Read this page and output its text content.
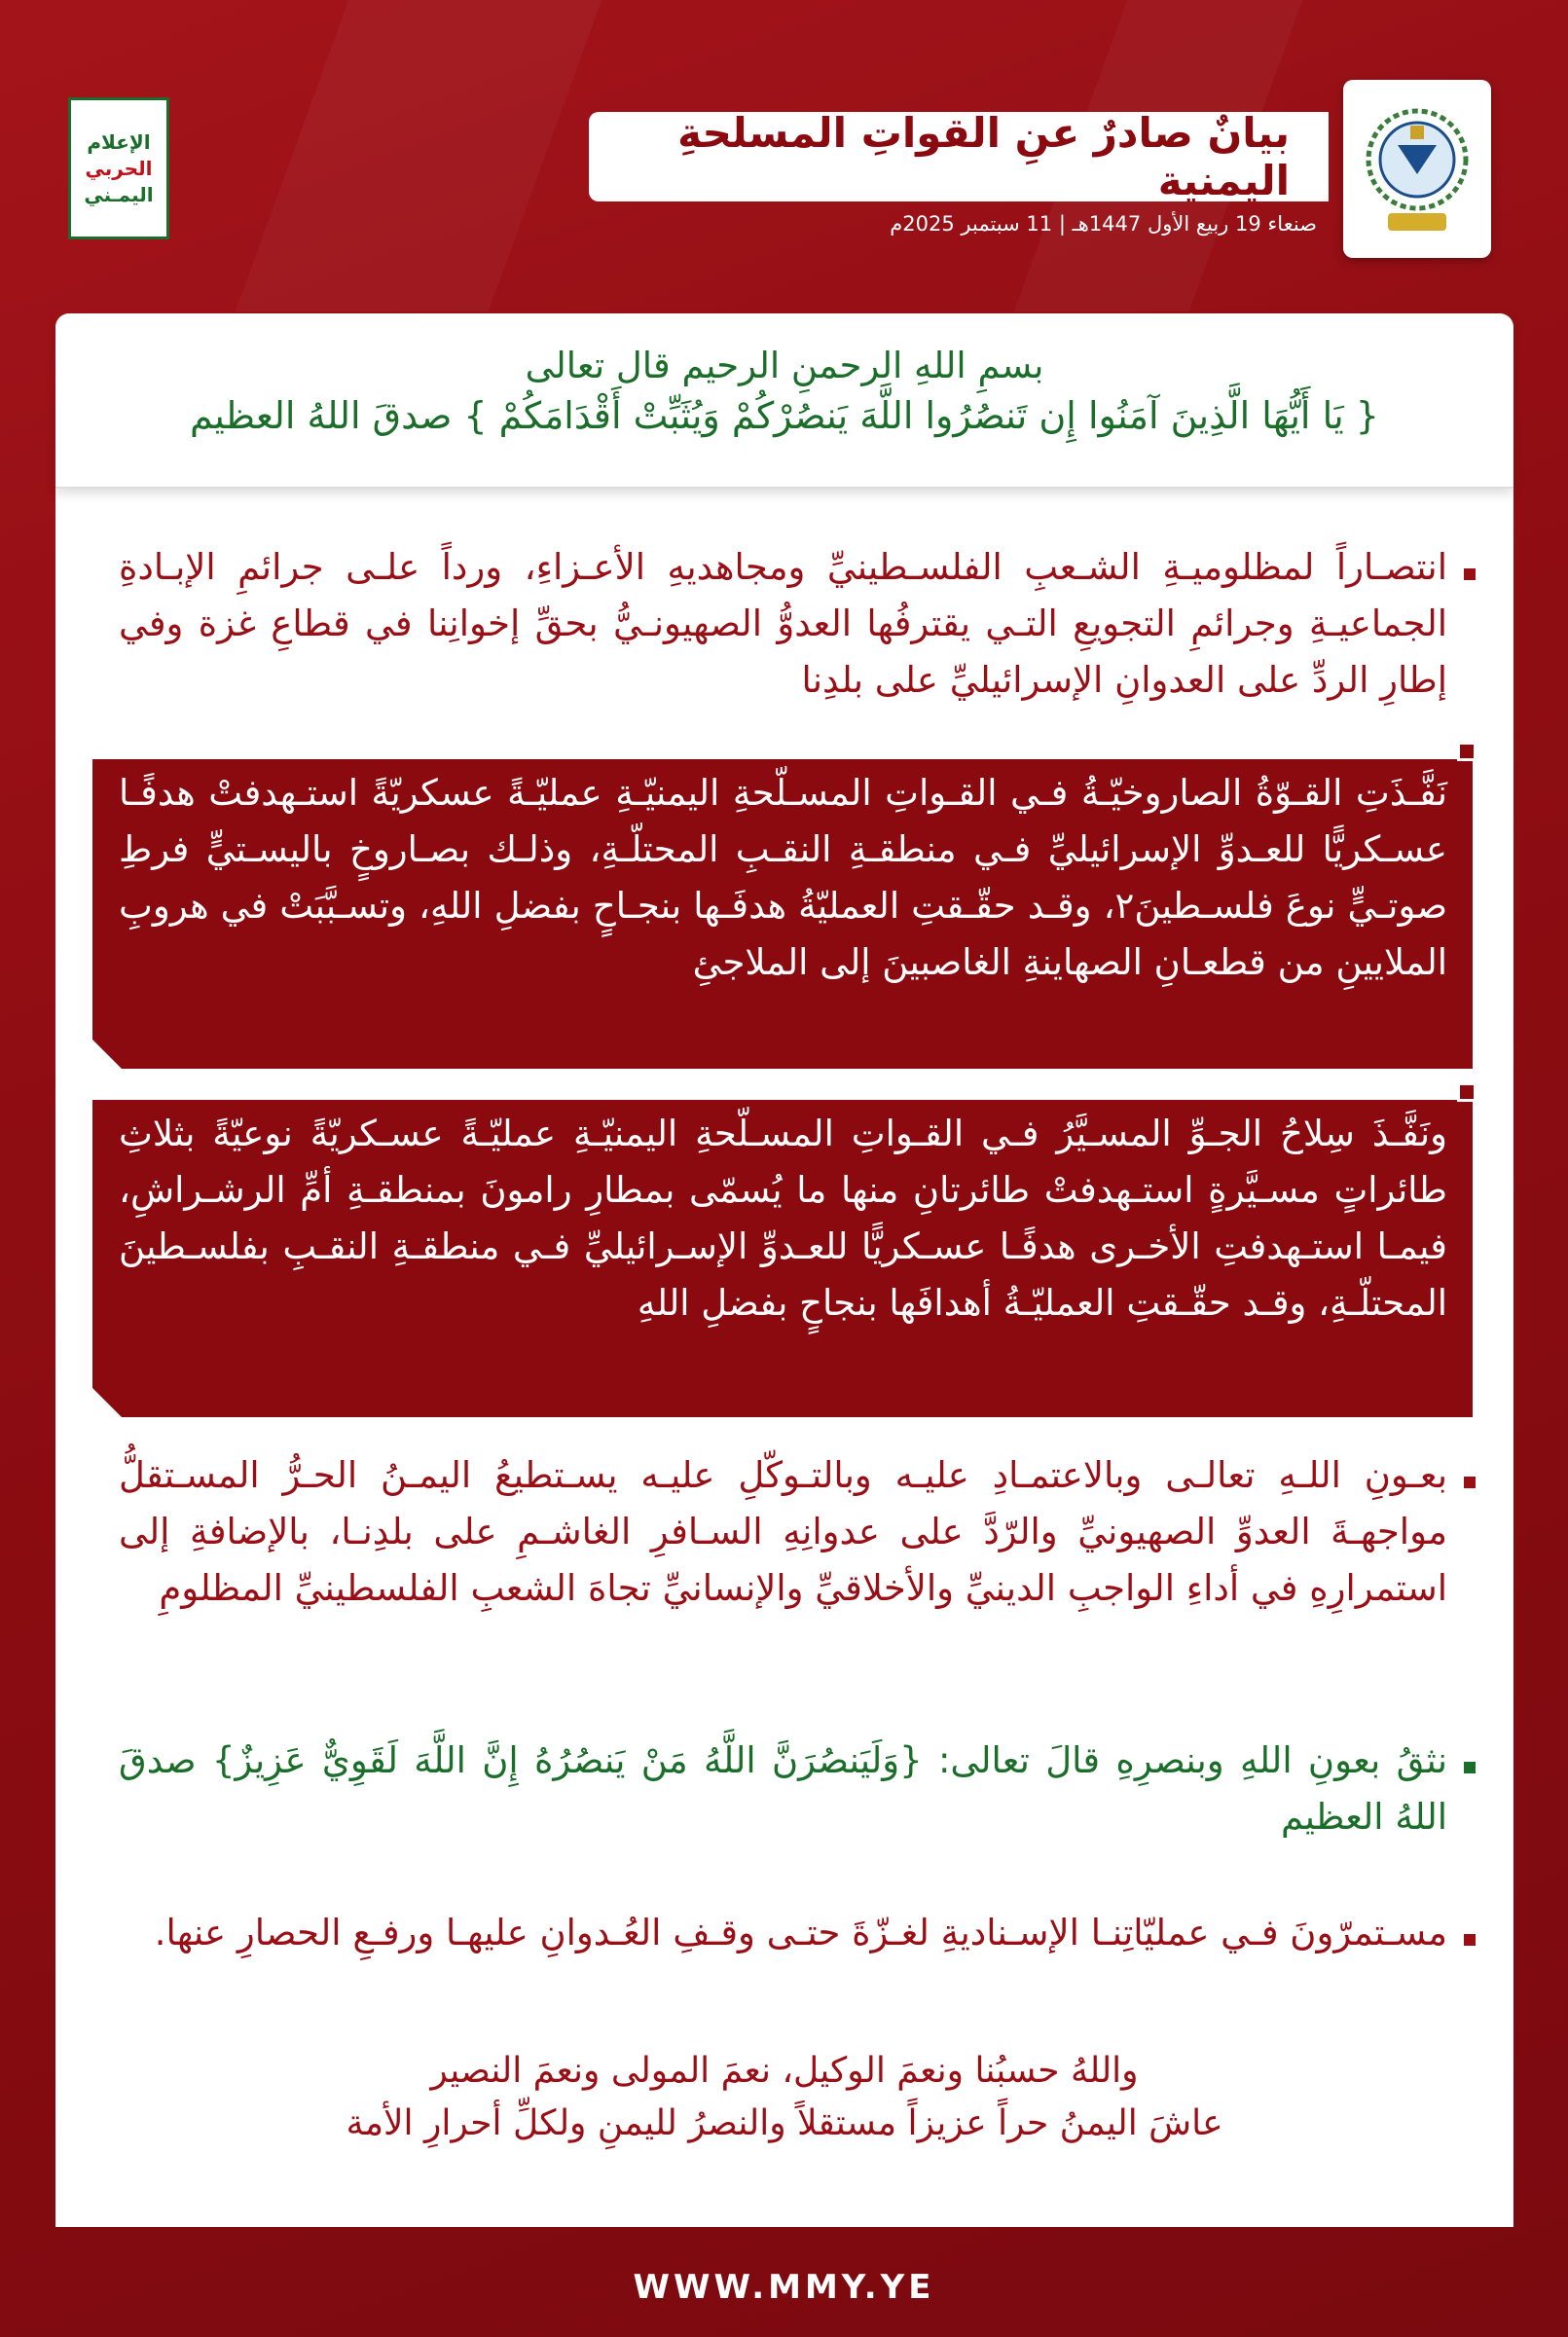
الإعلام
الحربي
اليمـني
بيانٌ صادرٌ عنِ القواتِ المسلحةِ اليمنية
صنعاء 19 ربيع الأول 1447هـ | 11 سبتمبر 2025م
بسمِ اللهِ الرحمنِ الرحيم قال تعالى
{ يَا أَيُّهَا الَّذِينَ آمَنُوا إِن تَنصُرُوا اللَّهَ يَنصُرْكُمْ وَيُثَبِّتْ أَقْدَامَكُمْ } صدقَ اللهُ العظيم
انتصـاراً لمظلوميـةِ الشـعبِ الفلسـطينيِّ ومجاهديهِ الأعـزاءِ، ورداً علـى جرائمِ الإبـادةِ الجماعيـةِ وجرائمِ التجويعِ التـي يقترفُها العدوُّ الصهيونـيُّ بحقِّ إخوانِنا في قطاعِ غزة وفي إطارِ الردِّ على العدوانِ الإسرائيليِّ على بلدِنا
نَفَّـذَتِ القـوّةُ الصاروخيّـةُ فـي القـواتِ المسـلّحةِ اليمنيّـةِ عمليّـةً عسكريّةً استـهدفتْ هدفًـا عسـكريًّا للعـدوِّ الإسرائيليِّ فـي منطقـةِ النقـبِ المحتلّـةِ، وذلـك بصـاروخٍ باليسـتيٍّ فرطِ صوتـيٍّ نوعَ فلسـطينَ٢، وقـد حقّـقتِ العمليّةُ هدفَـها بنجـاحٍ بفضلِ اللهِ، وتسـبَّبَتْ في هروبِ الملايينِ من قطعـانِ الصهاينةِ الغاصبينَ إلى الملاجئِ
ونَفَّـذَ سِلاحُ الجـوِّ المسـيَّرُ فـي القـواتِ المسـلّحةِ اليمنيّـةِ عمليّـةً عسـكريّةً نوعيّةً بثلاثِ طائراتٍ مسـيَّرةٍ استـهدفتْ طائرتانِ منها ما يُسمّى بمطارِ رامونَ بمنطقـةِ أمِّ الرشـراشِ، فيمـا استـهدفتِ الأخـرى هدفًـا عسـكريًّا للعـدوِّ الإسـرائيليِّ فـي منطقـةِ النقـبِ بفلسـطينَ المحتلّـةِ، وقـد حقّـقتِ العمليّـةُ أهدافَها بنجاحٍ بفضلِ اللهِ
بعـونِ اللـهِ تعالـى وبالاعتمـادِ عليـه وبالتـوكّلِ عليـه يسـتطيعُ اليمـنُ الحـرُّ المسـتقلُّ مواجهـةَ العدوِّ الصهيونيِّ والرّدَّ على عدوانِهِ السـافرِ الغاشـمِ على بلدِنـا، بالإضافةِ إلى استمرارِهِ في أداءِ الواجبِ الدينيِّ والأخلاقيِّ والإنسانيِّ تجاهَ الشعبِ الفلسطينيِّ المظلومِ
نثقُ بعونِ اللهِ وبنصرِهِ قالَ تعالى: {وَلَيَنصُرَنَّ اللَّهُ مَنْ يَنصُرُهُ إِنَّ اللَّهَ لَقَوِيٌّ عَزِيزٌ} صدقَ اللهُ العظيم
مسـتمرّونَ فـي عمليّاتِنـا الإسـناديةِ لغـزّةَ حتـى وقـفِ العُـدوانِ عليهـا ورفـعِ الحصارِ عنها.
واللهُ حسبُنا ونعمَ الوكيل، نعمَ المولى ونعمَ النصير
عاشَ اليمنُ حراً عزيزاً مستقلاً والنصرُ لليمنِ ولكلِّ أحرارِ الأمة
WWW.MMY.YE
